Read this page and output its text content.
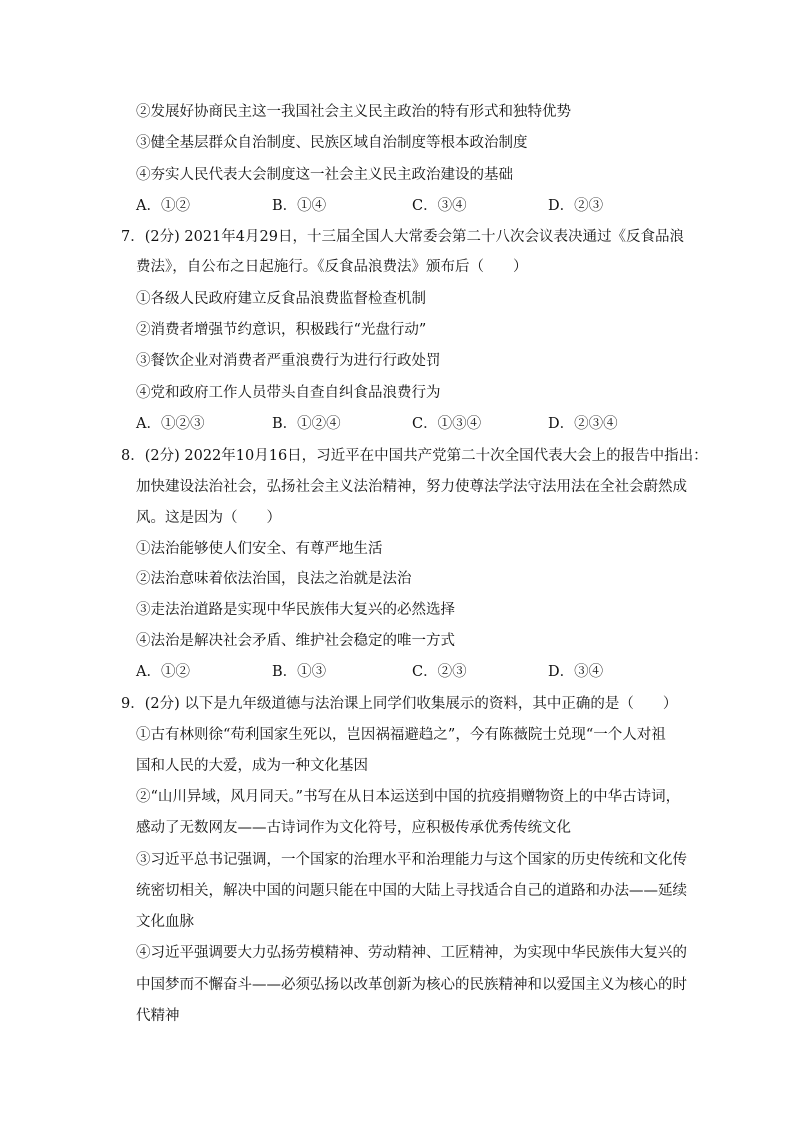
②发展好协商民主这一我国社会主义民主政治的特有形式和独特优势
③健全基层群众自治制度、民族区域自治制度等根本政治制度
④夯实人民代表大会制度这一社会主义民主政治建设的基础
A．①②	B．①④	C．③④	D．②③
7．(2分) 2021年4月29日，十三届全国人大常委会第二十八次会议表决通过《反食品浪
费法》，自公布之日起施行。《反食品浪费法》颁布后（　　）
①各级人民政府建立反食品浪费监督检查机制
②消费者增强节约意识，积极践行“光盘行动”
③餐饮企业对消费者严重浪费行为进行行政处罚
④党和政府工作人员带头自查自纠食品浪费行为
A．①②③	B．①②④	C．①③④	D．②③④
8．(2分) 2022年10月16日，习近平在中国共产党第二十次全国代表大会上的报告中指出：
加快建设法治社会，弘扬社会主义法治精神，努力使尊法学法守法用法在全社会蔚然成
风。这是因为（　　）
①法治能够使人们安全、有尊严地生活
②法治意味着依法治国，良法之治就是法治
③走法治道路是实现中华民族伟大复兴的必然选择
④法治是解决社会矛盾、维护社会稳定的唯一方式
A．①②	B．①③	C．②③	D．③④
9．(2分) 以下是九年级道德与法治课上同学们收集展示的资料，其中正确的是（　　）
①古有林则徐“苟利国家生死以，岂因祸福避趋之”，今有陈薇院士兑现“一个人对祖
国和人民的大爱，成为一种文化基因
②“山川异域，风月同天。”书写在从日本运送到中国的抗疫捐赠物资上的中华古诗词，
感动了无数网友——古诗词作为文化符号，应积极传承优秀传统文化
③习近平总书记强调，一个国家的治理水平和治理能力与这个国家的历史传统和文化传
统密切相关，解决中国的问题只能在中国的大陆上寻找适合自己的道路和办法——延续
文化血脉
④习近平强调要大力弘扬劳模精神、劳动精神、工匠精神，为实现中华民族伟大复兴的
中国梦而不懈奋斗——必须弘扬以改革创新为核心的民族精神和以爱国主义为核心的时
代精神
